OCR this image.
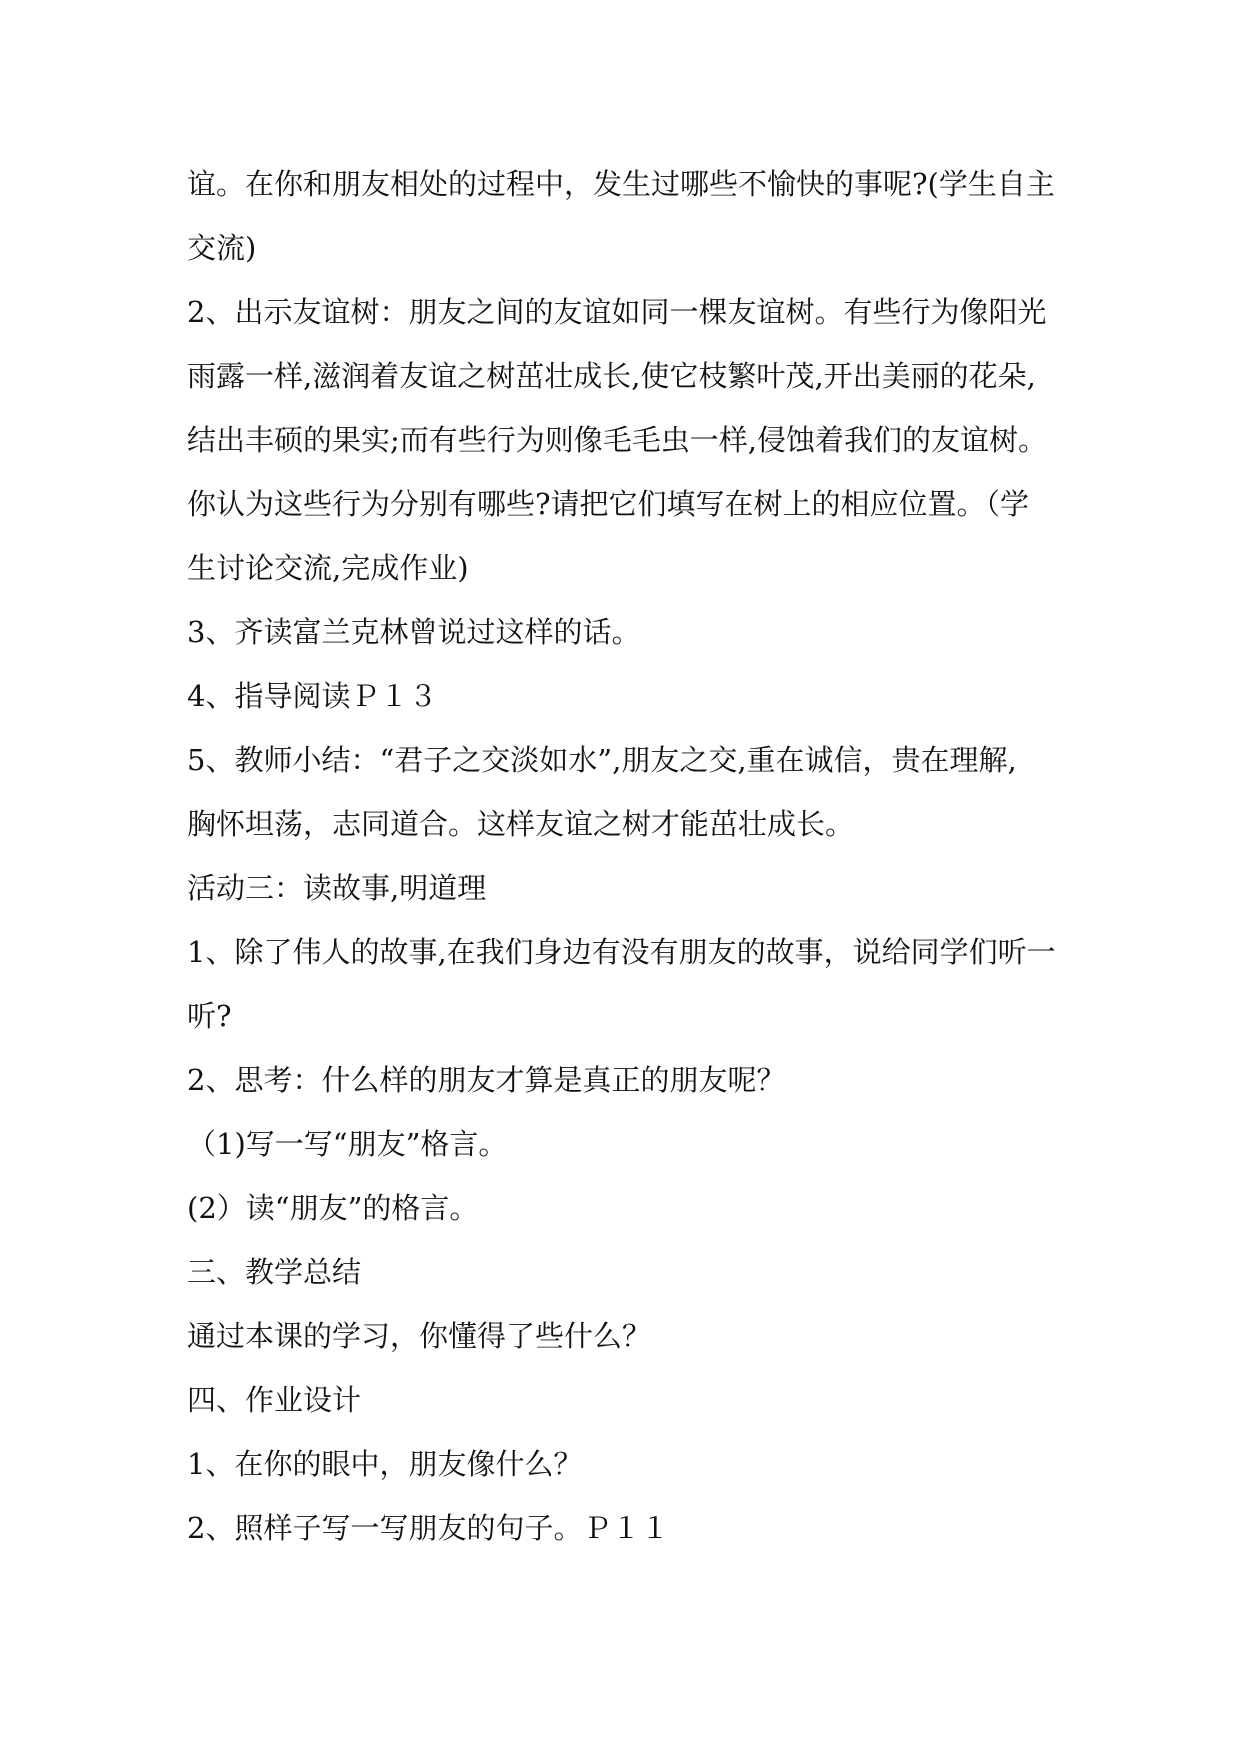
谊。在你和朋友相处的过程中，发生过哪些不愉快的事呢?(学生自主
交流)
2、出示友谊树：朋友之间的友谊如同一棵友谊树。有些行为像阳光
雨露一样,滋润着友谊之树茁壮成长,使它枝繁叶茂,开出美丽的花朵,
结出丰硕的果实;而有些行为则像毛毛虫一样,侵蚀着我们的友谊树。
你认为这些行为分别有哪些?请把它们填写在树上的相应位置。（学
生讨论交流,完成作业)
3、齐读富兰克林曾说过这样的话。
4、指导阅读Ｐ１３
5、教师小结：“君子之交淡如水”,朋友之交,重在诚信，贵在理解,
胸怀坦荡，志同道合。这样友谊之树才能茁壮成长。
活动三：读故事,明道理
1、除了伟人的故事,在我们身边有没有朋友的故事，说给同学们听一
听?
2、思考：什么样的朋友才算是真正的朋友呢？
（1)写一写“朋友”格言。
(2）读“朋友”的格言。
三、教学总结
通过本课的学习，你懂得了些什么？
四、作业设计
1、在你的眼中，朋友像什么？
2、照样子写一写朋友的句子。Ｐ１１
